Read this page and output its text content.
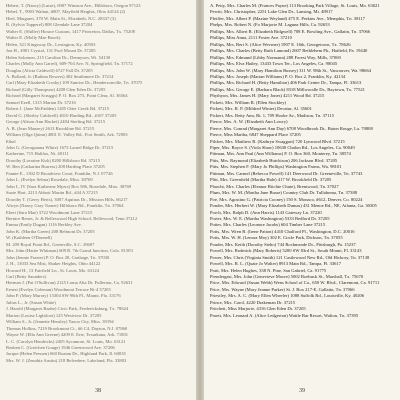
Hebert, T. (Nancy) (Luise), 6907 Winston Ave., Hillsboro, Oregon 97123
Hebel, T., 9903 Walnut, #807, Mayfield Heights, Ohio 44124 (2)
Heel, Margaret, 370 W. Main St., Elizabeth, N.C. 28337 (3)
R. (Sylvia Tupperel) 808 Glendale Lane 37204
Walter E. (Shiller) Horace Custom, 1417 Princeton, Dallas, Tx. 75208
Walter E. (Molly Mae Bruck)
Helen, 321 Kingsway Dr., Lexington, Ky. 40503
Jon H., 4901 Crystal, 131 Pool Mount Dr. 37205
Helen Solomon, 215 Caroline Dr., Dennyson, Wi. 54130
Charles (Molly Ann Garrel), 609-704 Ave. N, Springfield, Tn. 37172
Douglas (Alicia Caldwell) 6727 Fall Dr. 37205
A. Bollard, Jr. (Rubina Bowers) 402 Smithmere Dr. 37214
Carl (Mary Elizabeth Crosby) 109 Sunrise Dr., Hendersonville, Tn. 37075
Richard (Gilly Thompson) 4208 Glen Eden Dr. 37205
Richard (Margaret Scruggs) P. O. Box 275, Point Clear, Al. 36564
Samuel Ezell, 1315 Marian Dr. 37216
Robert J. (Jane McFadden) 1205 Otter Creek Rd. 37215
David G. (Shirley Caldwell) 4010 Harding Rd., #167 37205
George (Alison Ann Hacket) 2404 Sterling Rd. 37215
A. B. (Jean Mauzey) 2613 Brookline Rd. 37215
William (Olga Quinn) 4801 E. Valley Rd., Fort Smith, Ark. 72903
Ethel
John G. (Georgianna White) 1673 Laurel Ridge Dr. 37215
Katherine, 715 Halifax, Nt. 40111
Dorothy (Lorraine Kirk) 8200 Hillsboro Rd. 37215
W. Ben (Catharina Burress) 208 Harding Place 37205
Fannie E., 1302 D Broadview Court, Franklin, N.J. 07726
John L. (Evelyn Selma) Rosedale, Miss. 38769
John I., IV (Sara Katherine Myers) Box 586, Rosedale, Miss. 38769
Suzie Hart, 2213 Abbott Martin Rd., #44 A 37215
Dorothy T. (Gerry Herts), 3007 Aquinas Dr., Mission Hills, 66217
Alwyn (Nancy Gray Turner) Hillsboro Rd., Franklin, Tn. 37064
Ebert (Sara Mae) 3722 Woodmont Lane 37215
Bernice Benes, Jr. & Belleswood High School, Bellewood, Tenn 37212
Emma (Emily Dugan) 1116 Berkley Ave.
John K. (Martha Green) 208 Belmont Dr. 37205
W. (Kathleen O'Donnell)
M. 209 Royal Point Rd., Greenville, S.C. 29607
Mrs. John (Hattie Whitman) 609 R. 7th Grand Junction, Colo. 81503
John (Jennie Frazier) P. O. Box 28, Carthage, Tn. 37030
J. H., 13033 Sea Mist, Shaker Heights, Ohio 44122
Howard H., 13 Fairfield Ln., St. Louis, Mo. 63124
Carl (Betty Saunders)
Herman J. (Pat O'Sullivan) 2125 Loma Alta Dr. Fullerton, Ca. 92631
Ernest (Evelyn Coleman) Woodmont Terrace Bt-4 37205
John P. (Mary Murray) 13304 SW 98th Pl., Miami, Fla. 33176
Julius L., Jr. (Susan White)
J. Harold (Margaret Raabe) Civic Park, Fredericksburg, Tx. 78624
Marion (Louise Lightfoot) 125 Westview Dr. 37205
William S., Jr. (Jeanette Hensley) Yazoo City, Miss. 39194
Thomas Hollins, 7219 Brookmont Ct., #6 C4, Dayton, N.J. 07860
Wayne W. (Ella Ann Greene) 4209 E. Erie, Texarkana, Ark. 71801
L. C. (Carolyn Hendricks) 2405 Sycamore, St. Louis, Mo. 63121
Reuben C. (Gretchen Gouge) 1946 Greenwood Ave. 37206
Jacque (Helen Pressen) 660 Roatan Dr., Highland Park, Il. 60035
Mrs. W. J. (Zenobia Austin) 218 Belvedere, Lakeland, Fla. 33803
38
A. Petty, Mrs. Charles M. (Frances Payne) 113 Brooking Park Village, St. Louis, Mo. 63021
Pewitt, Mrs. Christopher, 2251 Lake Glen Dr., Lansing, Mi. 48917
Pfeiffer, Mrs. Albert P. (Maxine Weyland) 475 E. Perkins Ave., Memphis, Tn. 38117
Phelps, Mrs. Robert N. (Fo Marjorie M. Laguna Hills, Ca. 92653
Phillips, Mrs. Albert R. (Elizabeth Ridgwell) 708 E. Bowling Ave., Gallatin, Tn. 37066
Phillips, Miss Anna, 2111 Foster Ave. 37210
Phillips, Mrs. Bert S. (Alice Wevrner) 1907 E. 16th, Georgetown, Tx. 78626
Phillips, Mrs. Charles (Betty Ruth Lamond) 2607 Bethlehem Pk., Hatfield, Pa. 19440
Phillips, Mrs. Edmund (Libby Normann) 288 Forest Way, Mills, 37069
Phillips, Mrs. Elva Hailey, 13433 Town Ter., Los Angeles, Ca. 90045
Phillips, Mrs. John W. (Mary Hamilton Bussey) 311 W. 98th St., Vancouver, Wa. 98664
Phillips, Mrs. Joseph (Marian Williams) P. O. Box 2, Franklin, Ky. 42134
Phillips, Mrs. Richard H. (Betty Hamilton) 406 Park Center Dr., Tampa, Fl. 33613
Phillips, Mrs. George E. (Barbara Black) 8318 Millwoodle Dr., Baytown, Tx. 77521
Phythyon, Mrs. James H. (Mary Jones) 4211 Wood Rd. 37215
Pickett, Mrs. William R. (Ellen Stockley)
Pickett, Mrs. R. P. (Mildred Winter) Decatur, Al. 35601
Pickert, Mrs. Betty Ann, Rt. 1, 709 Hooke Av., Madison, Tn. 37115
Pierce, Mrs. A. W. (Elizabeth Ann Lowry)
Pierce, Mrs. Conrad (Margaret Ann Day) 6708 Woodbrook Dr., Baton Rouge, La. 70808
Pierce, Miss Martha, 6847 Sheppard Place 37205
Pilcher, Mrs. Matthew B. (Kathryn Swaggart) 720 Lynwood Blvd. 37215
Piper, Mrs. Boyce S. (Viola Shaw) 10630 Chalon Rd., Los Angeles, Ca. 90049
Pittman, Mrs. Ann Paul (Ann Williams) P. O. Box 360, Monterey, Tn. 38574
Pitts, Mrs. Raymond (Elizabeth Hutchison) 206 Jackson Blvd. 37205
Pitts, Mrs. Stephen F. (Mary Jo Phillips) Washington Farms, Wa. 98101
Pittman, Mrs. Carmel (Rebecca Powell) 141 Deerwood Dr. Greeneville, Tn. 37743
Plitt, Mrs. Greenfield (Martha Hale) 417 W. Brookfield Dr. 37205
Plaocht, Mrs. Charles (Eleanor Ritchie Chute), Brentwood, Tn. 37027
Plum, Mrs. W. M. (Martha Jane Busse) Country Club Dr. Tullahoma, Tn. 37388
Poe, Mrs. Agostino G. (Patricia Cooney) 150 S. Monaco, #612, Denver, Co. 80224
Ponder, Mrs. Herbert W. (Mary Elizabeth Dumas) 431 Menoe Rd., NE, Atlanta, Ga. 30305
Porch, Mrs. Ralph D. (Ann Harris) 1143 Gateway Ln. 37220
Porter, Mrs. W. E. (Martha Washington) 5333 Bedford Dr. 37205
Potter, Mrs. Charles (Leonore Jacobs) 604 Timber Lane 37215
Potts, Mrs. Wren B. (Irene Patton) 4410 Chalford Pl., Washington, D.C. 20016
Potts, Mrs. W. H. (Lenora Moy) 302 E. Circle Park, Dickson, Tn. 37055
Pouder, Mrs. Keith (Dorothy Sieho) 744 Rockmeade Dr., Pittsburgh, Pa. 15237
Powell, Mrs. Roderick (Mary Roberts) 5200 SW 83rd St., South Miami, Fl. 33143
Power, Mrs. Chris (Virginia Smith) 121 Castlewood New Rd., Old Hickory, Tn. 37138
Powell, Mrs. R. L. (Quate Jo Walter) 8913 Main Rd., Tampa, Fl. 33617
Pratt, Mrs. Helen Hughes, 338 N. Pine, San Gabriel, Ca. 91775
Prendergast, Mrs. John (Genevieve Moore) 5002 Roebuck St., Marshall, Tx. 75670
Price, Mrs. Edward (Susan Webb) Wens School of Ca., 650 W. Blvd., Claremont, Ca. 91711
Price, Mrs. Wayne (Mary Jeanne Parker) St. J. Box 217-E, Gallatin, Tn. 37066
Priestley, Mrs. A. C. (Mary Ellen Wheeler) 1088 Suffolk Rd., Louisville, Ky. 40206
Prince, Mrs. Carol, 4220 Drakeman Dr. 37215
Pritchett, Miss Marjorie, 4316 Glen Eden Dr. 37205
Pruett, Mrs. Leonard A. (Alice Ledgerton) Wattle Bar Resort, Walton, Tn. 37395
39
